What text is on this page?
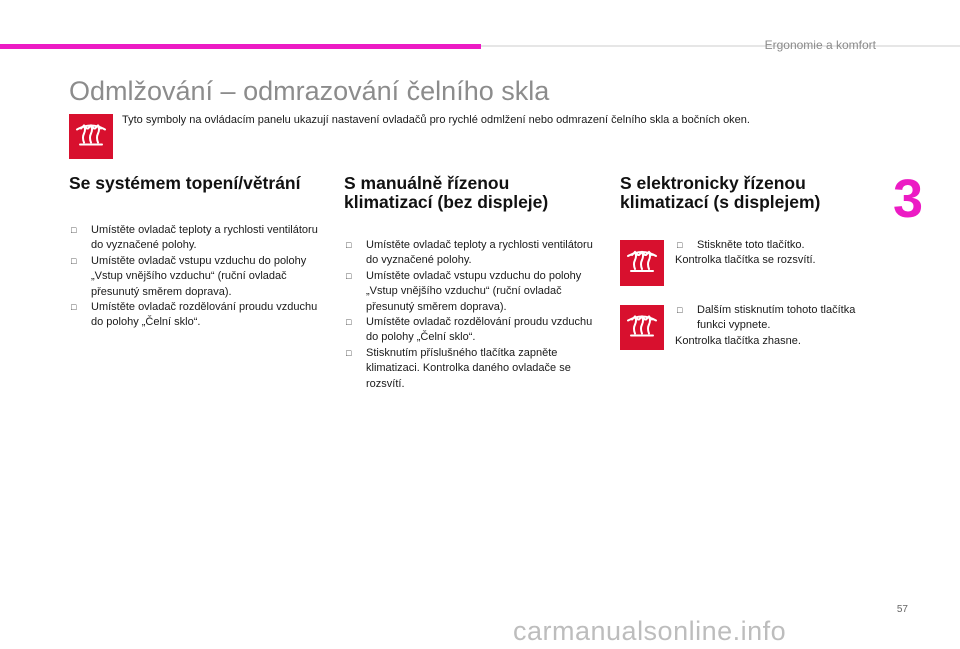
Ergonomie a komfort
3
Odmlžování – odmrazování čelního skla
Tyto symboly na ovládacím panelu ukazují nastavení ovladačů pro rychlé odmlžení nebo odmrazení čelního skla a bočních oken.
Se systémem topení/větrání
□ Umístěte ovladač teploty a rychlosti ventilátoru do vyznačené polohy.
□ Umístěte ovladač vstupu vzduchu do polohy „Vstup vnějšího vzduchu“ (ruční ovladač přesunutý směrem doprava).
□ Umístěte ovladač rozdělování proudu vzduchu do polohy „Čelní sklo“.
S manuálně řízenou klimatizací (bez displeje)
□ Umístěte ovladač teploty a rychlosti ventilátoru do vyznačené polohy.
□ Umístěte ovladač vstupu vzduchu do polohy „Vstup vnějšího vzduchu“ (ruční ovladač přesunutý směrem doprava).
□ Umístěte ovladač rozdělování proudu vzduchu do polohy „Čelní sklo“.
□ Stisknutím příslušného tlačítka zapněte klimatizaci. Kontrolka daného ovladače se rozsvítí.
S elektronicky řízenou klimatizací (s displejem)
□ Stiskněte toto tlačítko.
Kontrolka tlačítka se rozsvítí.
□ Dalším stisknutím tohoto tlačítka funkci vypnete.
Kontrolka tlačítka zhasne.
57
carmanualsonline.info
